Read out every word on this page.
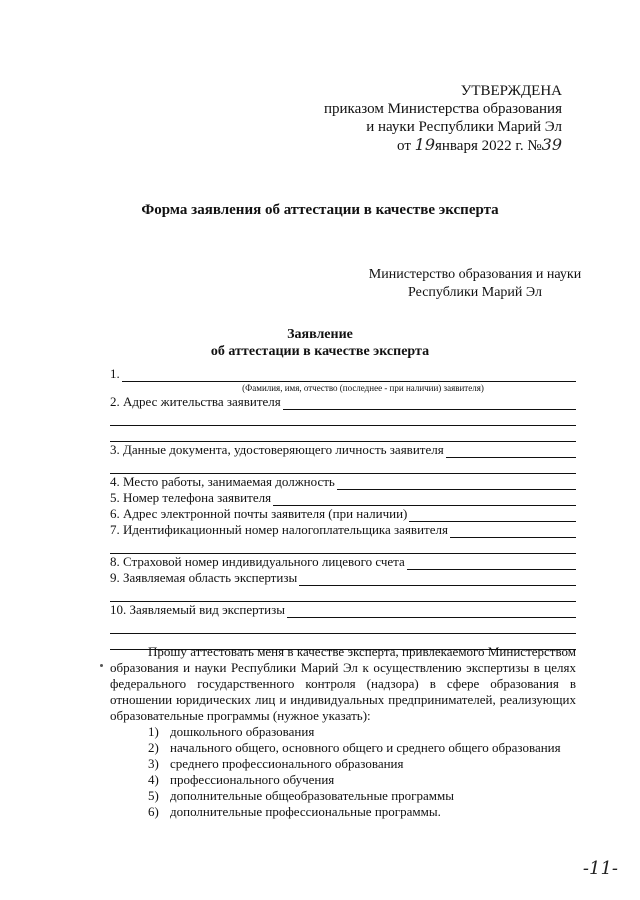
УТВЕРЖДЕНА
приказом Министерства образования
и науки Республики Марий Эл
от 19января 2022 г. №39
Форма заявления об аттестации в качестве эксперта
Министерство образования и науки
Республики Марий Эл
Заявление
об аттестации в качестве эксперта
1.
(Фамилия, имя, отчество (последнее - при наличии) заявителя)
2. Адрес жительства заявителя
3. Данные документа, удостоверяющего личность заявителя
4. Место работы, занимаемая должность
5. Номер телефона заявителя
6. Адрес электронной почты заявителя (при наличии)
7. Идентификационный номер налогоплательщика заявителя
8. Страховой номер индивидуального лицевого счета
9. Заявляемая область экспертизы
10. Заявляемый вид экспертизы
Прошу аттестовать меня в качестве эксперта, привлекаемого Министерством образования и науки Республики Марий Эл к осуществлению экспертизы в целях федерального государственного контроля (надзора) в сфере образования в отношении юридических лиц и индивидуальных предпринимателей, реализующих образовательные программы (нужное указать):
1) дошкольного образования
2) начального общего, основного общего и среднего общего образования
3) среднего профессионального образования
4) профессионального обучения
5) дополнительные общеобразовательные программы
6) дополнительные профессиональные программы.
-11-
